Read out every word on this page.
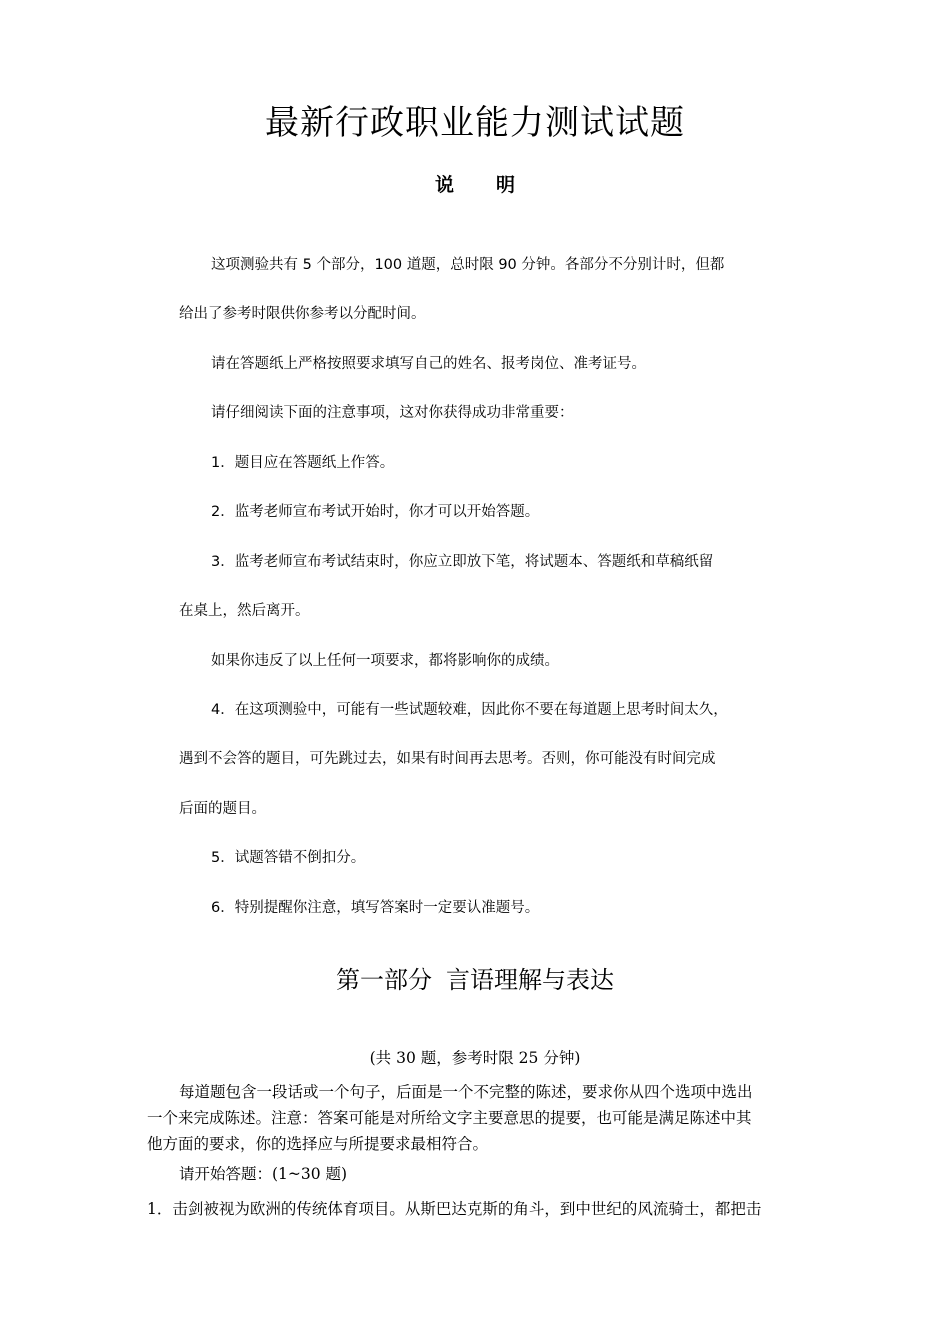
最新行政职业能力测试试题
说 明
这项测验共有 5 个部分，100 道题，总时限 90 分钟。各部分不分别计时，但都
给出了参考时限供你参考以分配时间。
请在答题纸上严格按照要求填写自己的姓名、报考岗位、准考证号。
请仔细阅读下面的注意事项，这对你获得成功非常重要：
1．题目应在答题纸上作答。
2．监考老师宣布考试开始时，你才可以开始答题。
3．监考老师宣布考试结束时，你应立即放下笔，将试题本、答题纸和草稿纸留
在桌上，然后离开。
如果你违反了以上任何一项要求，都将影响你的成绩。
4．在这项测验中，可能有一些试题较难，因此你不要在每道题上思考时间太久，
遇到不会答的题目，可先跳过去，如果有时间再去思考。否则，你可能没有时间完成
后面的题目。
5．试题答错不倒扣分。
6．特别提醒你注意，填写答案时一定要认准题号。
第一部分 言语理解与表达
(共 30 题，参考时限 25 分钟)
每道题包含一段话或一个句子，后面是一个不完整的陈述，要求你从四个选项中选出
一个来完成陈述。注意：答案可能是对所给文字主要意思的提要，也可能是满足陈述中其
他方面的要求，你的选择应与所提要求最相符合。
请开始答题：(1~30 题)
1．击剑被视为欧洲的传统体育项目。从斯巴达克斯的角斗，到中世纪的风流骑士，都把击
